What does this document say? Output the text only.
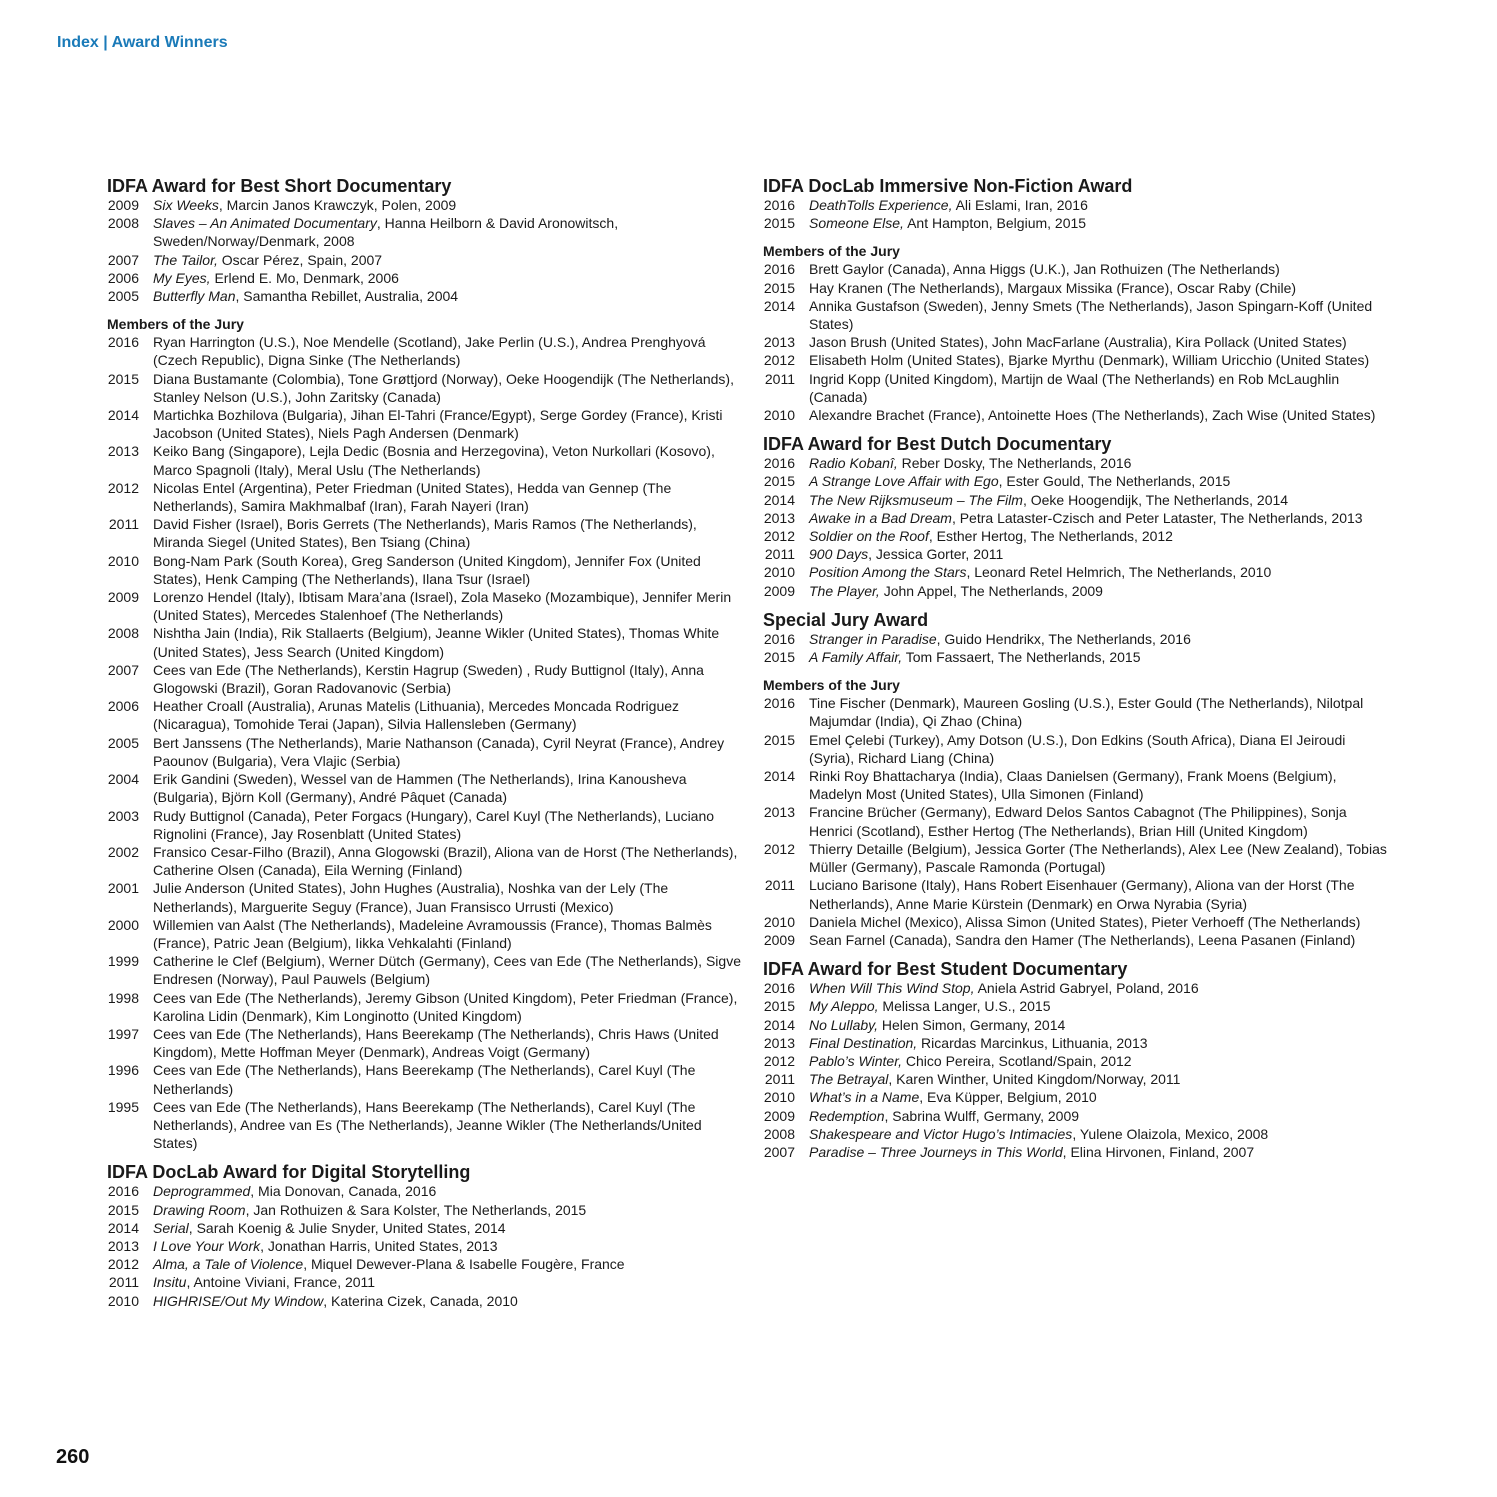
Index | Award Winners
IDFA Award for Best Short Documentary
2009	Six Weeks, Marcin Janos Krawczyk, Polen, 2009
2008	Slaves – An Animated Documentary, Hanna Heilborn & David Aronowitsch, Sweden/Norway/Denmark, 2008
2007	The Tailor, Oscar Pérez, Spain, 2007
2006	My Eyes, Erlend E. Mo, Denmark, 2006
2005	Butterfly Man, Samantha Rebillet, Australia, 2004
Members of the Jury
2016	Ryan Harrington (U.S.), Noe Mendelle (Scotland), Jake Perlin (U.S.), Andrea Prenghyová (Czech Republic), Digna Sinke (The Netherlands)
2015	Diana Bustamante (Colombia), Tone Grøttjord (Norway), Oeke Hoogendijk (The Netherlands), Stanley Nelson (U.S.), John Zaritsky (Canada)
2014	Martichka Bozhilova (Bulgaria), Jihan El-Tahri (France/Egypt), Serge Gordey (France), Kristi Jacobson (United States), Niels Pagh Andersen (Denmark)
2013	Keiko Bang (Singapore), Lejla Dedic (Bosnia and Herzegovina), Veton Nurkollari (Kosovo), Marco Spagnoli (Italy), Meral Uslu (The Netherlands)
2012	Nicolas Entel (Argentina), Peter Friedman (United States), Hedda van Gennep (The Netherlands), Samira Makhmalbaf (Iran), Farah Nayeri (Iran)
2011	David Fisher (Israel), Boris Gerrets (The Netherlands), Maris Ramos (The Netherlands), Miranda Siegel (United States), Ben Tsiang (China)
2010	Bong-Nam Park (South Korea), Greg Sanderson (United Kingdom), Jennifer Fox (United States), Henk Camping (The Netherlands), Ilana Tsur (Israel)
2009	Lorenzo Hendel (Italy), Ibtisam Mara’ana (Israel), Zola Maseko (Mozambique), Jennifer Merin (United States), Mercedes Stalenhoef (The Netherlands)
2008	Nishtha Jain (India), Rik Stallaerts (Belgium), Jeanne Wikler (United States), Thomas White (United States), Jess Search (United Kingdom)
2007	Cees van Ede (The Netherlands), Kerstin Hagrup (Sweden) , Rudy Buttignol (Italy), Anna Glogowski (Brazil), Goran Radovanovic (Serbia)
2006	Heather Croall (Australia), Arunas Matelis (Lithuania), Mercedes Moncada Rodriguez (Nicaragua), Tomohide Terai (Japan), Silvia Hallensleben (Germany)
2005	Bert Janssens (The Netherlands), Marie Nathanson (Canada), Cyril Neyrat (France), Andrey Paounov (Bulgaria), Vera Vlajic (Serbia)
2004	Erik Gandini (Sweden), Wessel van de Hammen (The Netherlands), Irina Kanousheva (Bulgaria), Björn Koll (Germany), André Pâquet (Canada)
2003	Rudy Buttignol (Canada), Peter Forgacs (Hungary), Carel Kuyl (The Netherlands), Luciano Rignolini (France), Jay Rosenblatt (United States)
2002	Fransico Cesar-Filho (Brazil), Anna Glogowski (Brazil), Aliona van de Horst (The Netherlands), Catherine Olsen (Canada), Eila Werning (Finland)
2001	Julie Anderson (United States), John Hughes (Australia), Noshka van der Lely (The Netherlands), Marguerite Seguy (France), Juan Fransisco Urrusti (Mexico)
2000	Willemien van Aalst (The Netherlands), Madeleine Avramoussis (France), Thomas Balmès (France), Patric Jean (Belgium), Iikka Vehkalahti (Finland)
1999	Catherine le Clef (Belgium), Werner Dütch (Germany), Cees van Ede (The Netherlands), Sigve Endresen (Norway), Paul Pauwels (Belgium)
1998	Cees van Ede (The Netherlands), Jeremy Gibson (United Kingdom), Peter Friedman (France), Karolina Lidin (Denmark), Kim Longinotto (United Kingdom)
1997	Cees van Ede (The Netherlands), Hans Beerekamp (The Netherlands), Chris Haws (United Kingdom), Mette Hoffman Meyer (Denmark), Andreas Voigt (Germany)
1996	Cees van Ede (The Netherlands), Hans Beerekamp (The Netherlands), Carel Kuyl (The Netherlands)
1995	Cees van Ede (The Netherlands), Hans Beerekamp (The Netherlands), Carel Kuyl (The Netherlands), Andree van Es (The Netherlands), Jeanne Wikler (The Netherlands/United States)
IDFA DocLab Award for Digital Storytelling
2016	Deprogrammed, Mia Donovan, Canada, 2016
2015	Drawing Room, Jan Rothuizen & Sara Kolster, The Netherlands, 2015
2014	Serial, Sarah Koenig & Julie Snyder, United States, 2014
2013	I Love Your Work, Jonathan Harris, United States, 2013
2012	Alma, a Tale of Violence, Miquel Dewever-Plana & Isabelle Fougère, France
2011	Insitu, Antoine Viviani, France, 2011
2010	HIGHRISE/Out My Window, Katerina Cizek, Canada, 2010
IDFA DocLab Immersive Non-Fiction Award
2016	DeathTolls Experience, Ali Eslami, Iran, 2016
2015	Someone Else, Ant Hampton, Belgium, 2015
Members of the Jury
2016	Brett Gaylor (Canada), Anna Higgs (U.K.), Jan Rothuizen (The Netherlands)
2015	Hay Kranen (The Netherlands), Margaux Missika (France), Oscar Raby (Chile)
2014	Annika Gustafson (Sweden), Jenny Smets (The Netherlands), Jason Spingarn-Koff (United States)
2013	Jason Brush (United States), John MacFarlane (Australia), Kira Pollack (United States)
2012	Elisabeth Holm (United States), Bjarke Myrthu (Denmark), William Uricchio (United States)
2011	Ingrid Kopp (United Kingdom), Martijn de Waal (The Netherlands) en Rob McLaughlin (Canada)
2010	Alexandre Brachet (France), Antoinette Hoes (The Netherlands), Zach Wise (United States)
IDFA Award for Best Dutch Documentary
2016	Radio Kobanî, Reber Dosky, The Netherlands, 2016
2015	A Strange Love Affair with Ego, Ester Gould, The Netherlands, 2015
2014	The New Rijksmuseum – The Film, Oeke Hoogendijk, The Netherlands, 2014
2013	Awake in a Bad Dream, Petra Lataster-Czisch and Peter Lataster, The Netherlands, 2013
2012	Soldier on the Roof, Esther Hertog, The Netherlands, 2012
2011	900 Days, Jessica Gorter, 2011
2010	Position Among the Stars, Leonard Retel Helmrich, The Netherlands, 2010
2009	The Player, John Appel, The Netherlands, 2009
Special Jury Award
2016	Stranger in Paradise, Guido Hendrikx, The Netherlands, 2016
2015	A Family Affair, Tom Fassaert, The Netherlands, 2015
Members of the Jury
2016	Tine Fischer (Denmark), Maureen Gosling (U.S.), Ester Gould (The Netherlands), Nilotpal Majumdar (India), Qi Zhao (China)
2015	Emel Çelebi (Turkey), Amy Dotson (U.S.), Don Edkins (South Africa), Diana El Jeiroudi (Syria), Richard Liang (China)
2014	Rinki Roy Bhattacharya (India), Claas Danielsen (Germany), Frank Moens (Belgium), Madelyn Most (United States), Ulla Simonen (Finland)
2013	Francine Brücher (Germany), Edward Delos Santos Cabagnot (The Philippines), Sonja Henrici (Scotland), Esther Hertog (The Netherlands), Brian Hill (United Kingdom)
2012	Thierry Detaille (Belgium), Jessica Gorter (The Netherlands), Alex Lee (New Zealand), Tobias Müller (Germany), Pascale Ramonda (Portugal)
2011	Luciano Barisone (Italy), Hans Robert Eisenhauer (Germany), Aliona van der Horst (The Netherlands), Anne Marie Kürstein (Denmark) en Orwa Nyrabia (Syria)
2010	Daniela Michel (Mexico), Alissa Simon (United States), Pieter Verhoeff (The Netherlands)
2009	Sean Farnel (Canada), Sandra den Hamer (The Netherlands), Leena Pasanen (Finland)
IDFA Award for Best Student Documentary
2016	When Will This Wind Stop, Aniela Astrid Gabryel, Poland, 2016
2015	My Aleppo, Melissa Langer, U.S., 2015
2014	No Lullaby, Helen Simon, Germany, 2014
2013	Final Destination, Ricardas Marcinkus, Lithuania, 2013
2012	Pablo’s Winter, Chico Pereira, Scotland/Spain, 2012
2011	The Betrayal, Karen Winther, United Kingdom/Norway, 2011
2010	What’s in a Name, Eva Küpper, Belgium, 2010
2009	Redemption, Sabrina Wulff, Germany, 2009
2008	Shakespeare and Victor Hugo’s Intimacies, Yulene Olaizola, Mexico, 2008
2007	Paradise – Three Journeys in This World, Elina Hirvonen, Finland, 2007
260
